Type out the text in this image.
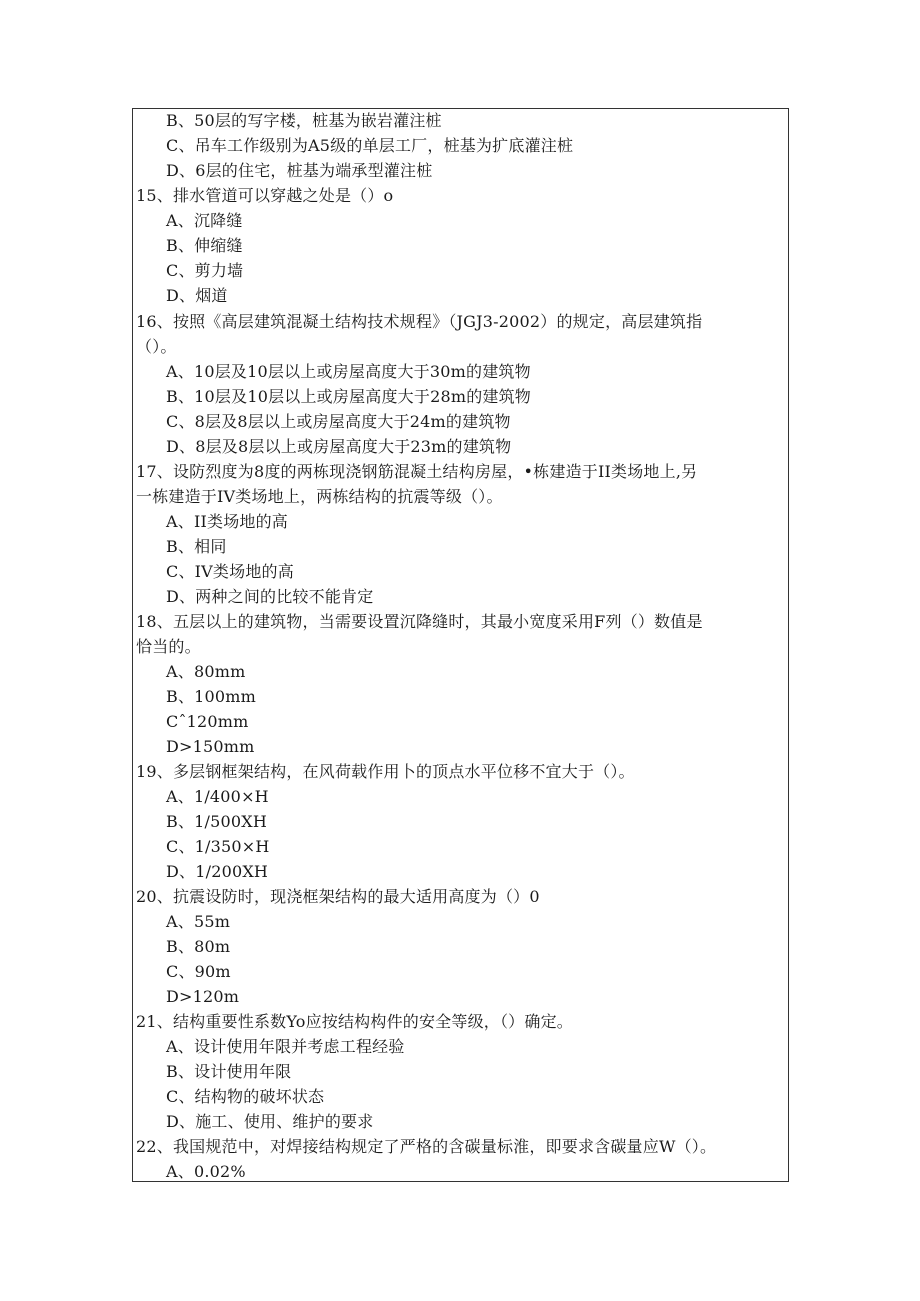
B、50层的写字楼，桩基为嵌岩灌注桩
C、吊车工作级别为A5级的单层工厂，桩基为扩底灌注桩
D、6层的住宅，桩基为端承型灌注桩
15、排水管道可以穿越之处是（）o
A、沉降缝
B、伸缩缝
C、剪力墙
D、烟道
16、按照《高层建筑混凝土结构技术规程》（JGJ3-2002）的规定，高层建筑指
（）。
A、10层及10层以上或房屋高度大于30m的建筑物
B、10层及10层以上或房屋高度大于28m的建筑物
C、8层及8层以上或房屋高度大于24m的建筑物
D、8层及8层以上或房屋高度大于23m的建筑物
17、设防烈度为8度的两栋现浇钢筋混凝土结构房屋，•栋建造于II类场地上,另
一栋建造于IV类场地上，两栋结构的抗震等级（）。
A、II类场地的高
B、相同
C、IV类场地的高
D、两种之间的比较不能肯定
18、五层以上的建筑物，当需要设置沉降缝时，其最小宽度采用F列（）数值是
恰当的。
A、80mm
B、100mm
Cˆ120mm
D>150mm
19、多层钢框架结构，在风荷载作用卜的顶点水平位移不宜大于（）。
A、1/400×H
B、1/500XH
C、1/350×H
D、1/200XH
20、抗震设防时，现浇框架结构的最大适用高度为（）0
A、55m
B、80m
C、90m
D>120m
21、结构重要性系数Yo应按结构构件的安全等级，（）确定。
A、设计使用年限并考虑工程经验
B、设计使用年限
C、结构物的破坏状态
D、施工、使用、维护的要求
22、我国规范中，对焊接结构规定了严格的含碳量标淮，即要求含碳量应W（）。
A、0.02%
